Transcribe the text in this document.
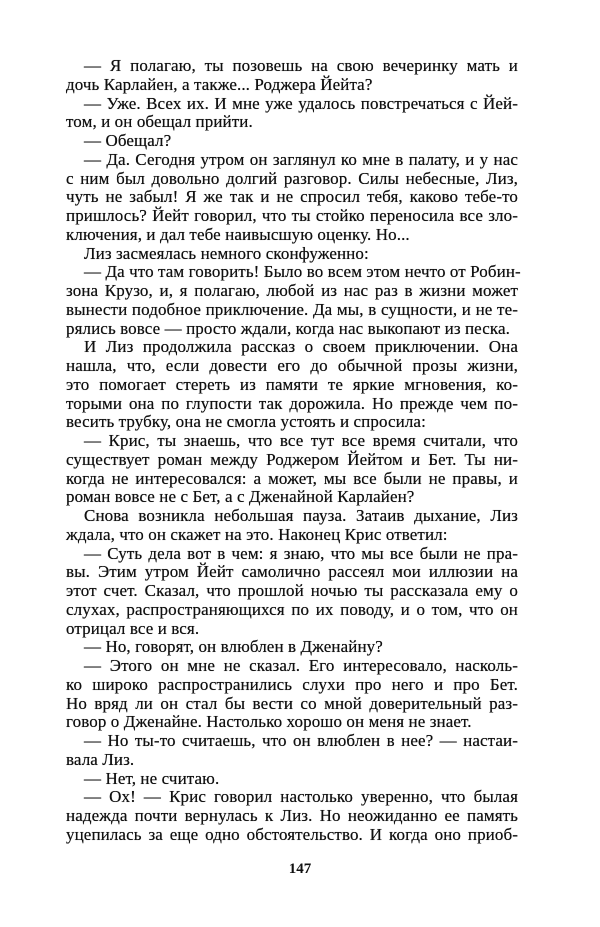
— Я полагаю, ты позовешь на свою вечеринку мать и
дочь Карлайен, а также... Роджера Йейта?
— Уже. Всех их. И мне уже удалось повстречаться с Йей-
том, и он обещал прийти.
— Обещал?
— Да. Сегодня утром он заглянул ко мне в палату, и у нас
с ним был довольно долгий разговор. Силы небесные, Лиз,
чуть не забыл! Я же так и не спросил тебя, каково тебе-то
пришлось? Йейт говорил, что ты стойко переносила все зло-
ключения, и дал тебе наивысшую оценку. Но...
Лиз засмеялась немного сконфуженно:
— Да что там говорить! Было во всем этом нечто от Робин-
зона Крузо, и, я полагаю, любой из нас раз в жизни может
вынести подобное приключение. Да мы, в сущности, и не те-
рялись вовсе — просто ждали, когда нас выкопают из песка.
И Лиз продолжила рассказ о своем приключении. Она
нашла, что, если довести его до обычной прозы жизни,
это помогает стереть из памяти те яркие мгновения, ко-
торыми она по глупости так дорожила. Но прежде чем по-
весить трубку, она не смогла устоять и спросила:
— Крис, ты знаешь, что все тут все время считали, что
существует роман между Роджером Йейтом и Бет. Ты ни-
когда не интересовался: а может, мы все были не правы, и
роман вовсе не с Бет, а с Дженайной Карлайен?
Снова возникла небольшая пауза. Затаив дыхание, Лиз
ждала, что он скажет на это. Наконец Крис ответил:
— Суть дела вот в чем: я знаю, что мы все были не пра-
вы. Этим утром Йейт самолично рассеял мои иллюзии на
этот счет. Сказал, что прошлой ночью ты рассказала ему о
слухах, распространяющихся по их поводу, и о том, что он
отрицал все и вся.
— Но, говорят, он влюблен в Дженайну?
— Этого он мне не сказал. Его интересовало, насколь-
ко широко распространились слухи про него и про Бет.
Но вряд ли он стал бы вести со мной доверительный раз-
говор о Дженайне. Настолько хорошо он меня не знает.
— Но ты-то считаешь, что он влюблен в нее? — настаи-
вала Лиз.
— Нет, не считаю.
— Ох! — Крис говорил настолько уверенно, что былая
надежда почти вернулась к Лиз. Но неожиданно ее память
уцепилась за еще одно обстоятельство. И когда оно приоб-
147
